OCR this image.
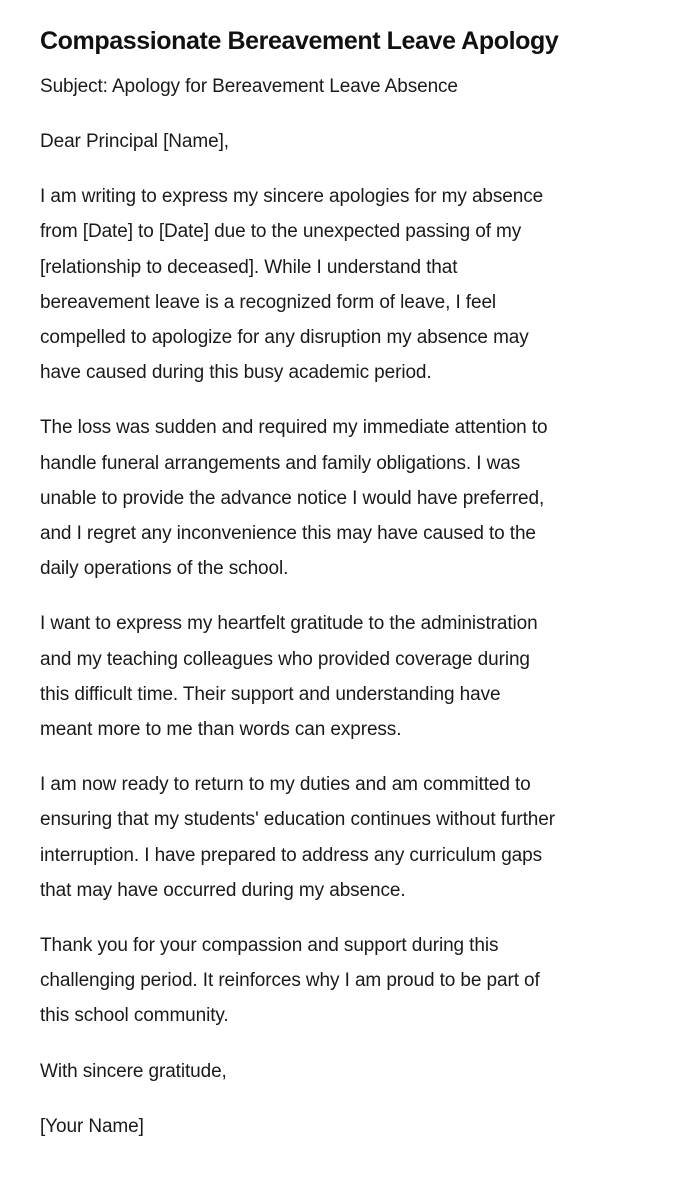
Compassionate Bereavement Leave Apology

Subject: Apology for Bereavement Leave Absence

Dear Principal [Name],

I am writing to express my sincere apologies for my absence
from [Date] to [Date] due to the unexpected passing of my
[relationship to deceased]. While I understand that
bereavement leave is a recognized form of leave, I feel
compelled to apologize for any disruption my absence may
have caused during this busy academic period.

The loss was sudden and required my immediate attention to
handle funeral arrangements and family obligations. I was
unable to provide the advance notice I would have preferred,
and I regret any inconvenience this may have caused to the
daily operations of the school.

I want to express my heartfelt gratitude to the administration
and my teaching colleagues who provided coverage during
this difficult time. Their support and understanding have
meant more to me than words can express.

I am now ready to return to my duties and am committed to
ensuring that my students' education continues without further
interruption. I have prepared to address any curriculum gaps
that may have occurred during my absence.

Thank you for your compassion and support during this
challenging period. It reinforces why I am proud to be part of
this school community.

With sincere gratitude,

[Your Name]
